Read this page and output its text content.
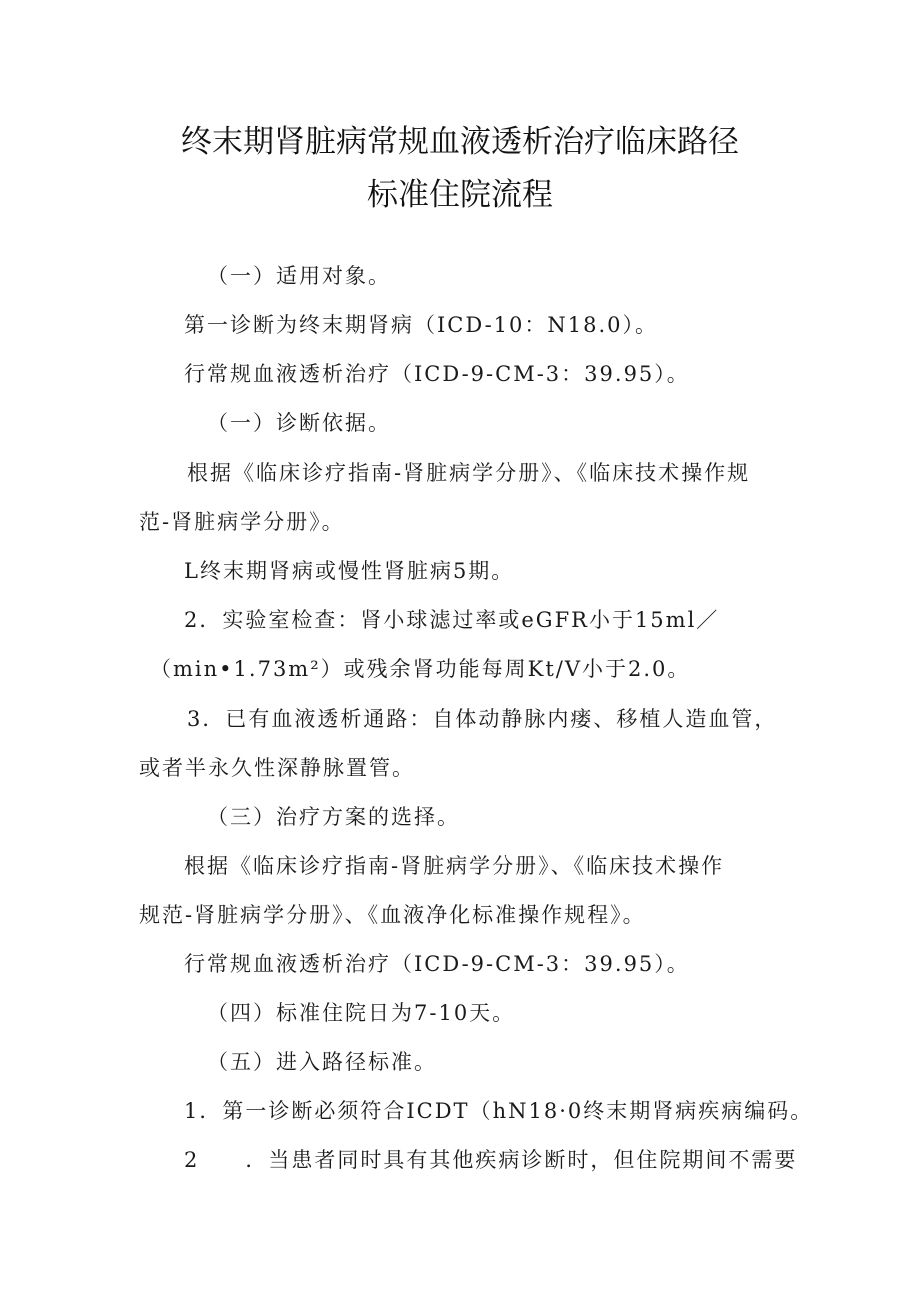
终末期肾脏病常规血液透析治疗临床路径
标准住院流程
（一）适用对象。
第一诊断为终末期肾病（ICD-10：N18.0）。
行常规血液透析治疗（ICD-9-CM-3：39.95）。
（一）诊断依据。
根据《临床诊疗指南-肾脏病学分册》、《临床技术操作规
范-肾脏病学分册》。
L终末期肾病或慢性肾脏病5期。
2．实验室检查：肾小球滤过率或eGFR小于15ml／
（min•1.73m²）或残余肾功能每周Kt/V小于2.0。
3．已有血液透析通路：自体动静脉内瘘、移植人造血管，
或者半永久性深静脉置管。
（三）治疗方案的选择。
根据《临床诊疗指南-肾脏病学分册》、《临床技术操作
规范-肾脏病学分册》、《血液净化标准操作规程》。
行常规血液透析治疗（ICD-9-CM-3：39.95）。
（四）标准住院日为7-10天。
（五）进入路径标准。
1．第一诊断必须符合ICDT（hN18·0终末期肾病疾病编码。
2　　．当患者同时具有其他疾病诊断时，但住院期间不需要
